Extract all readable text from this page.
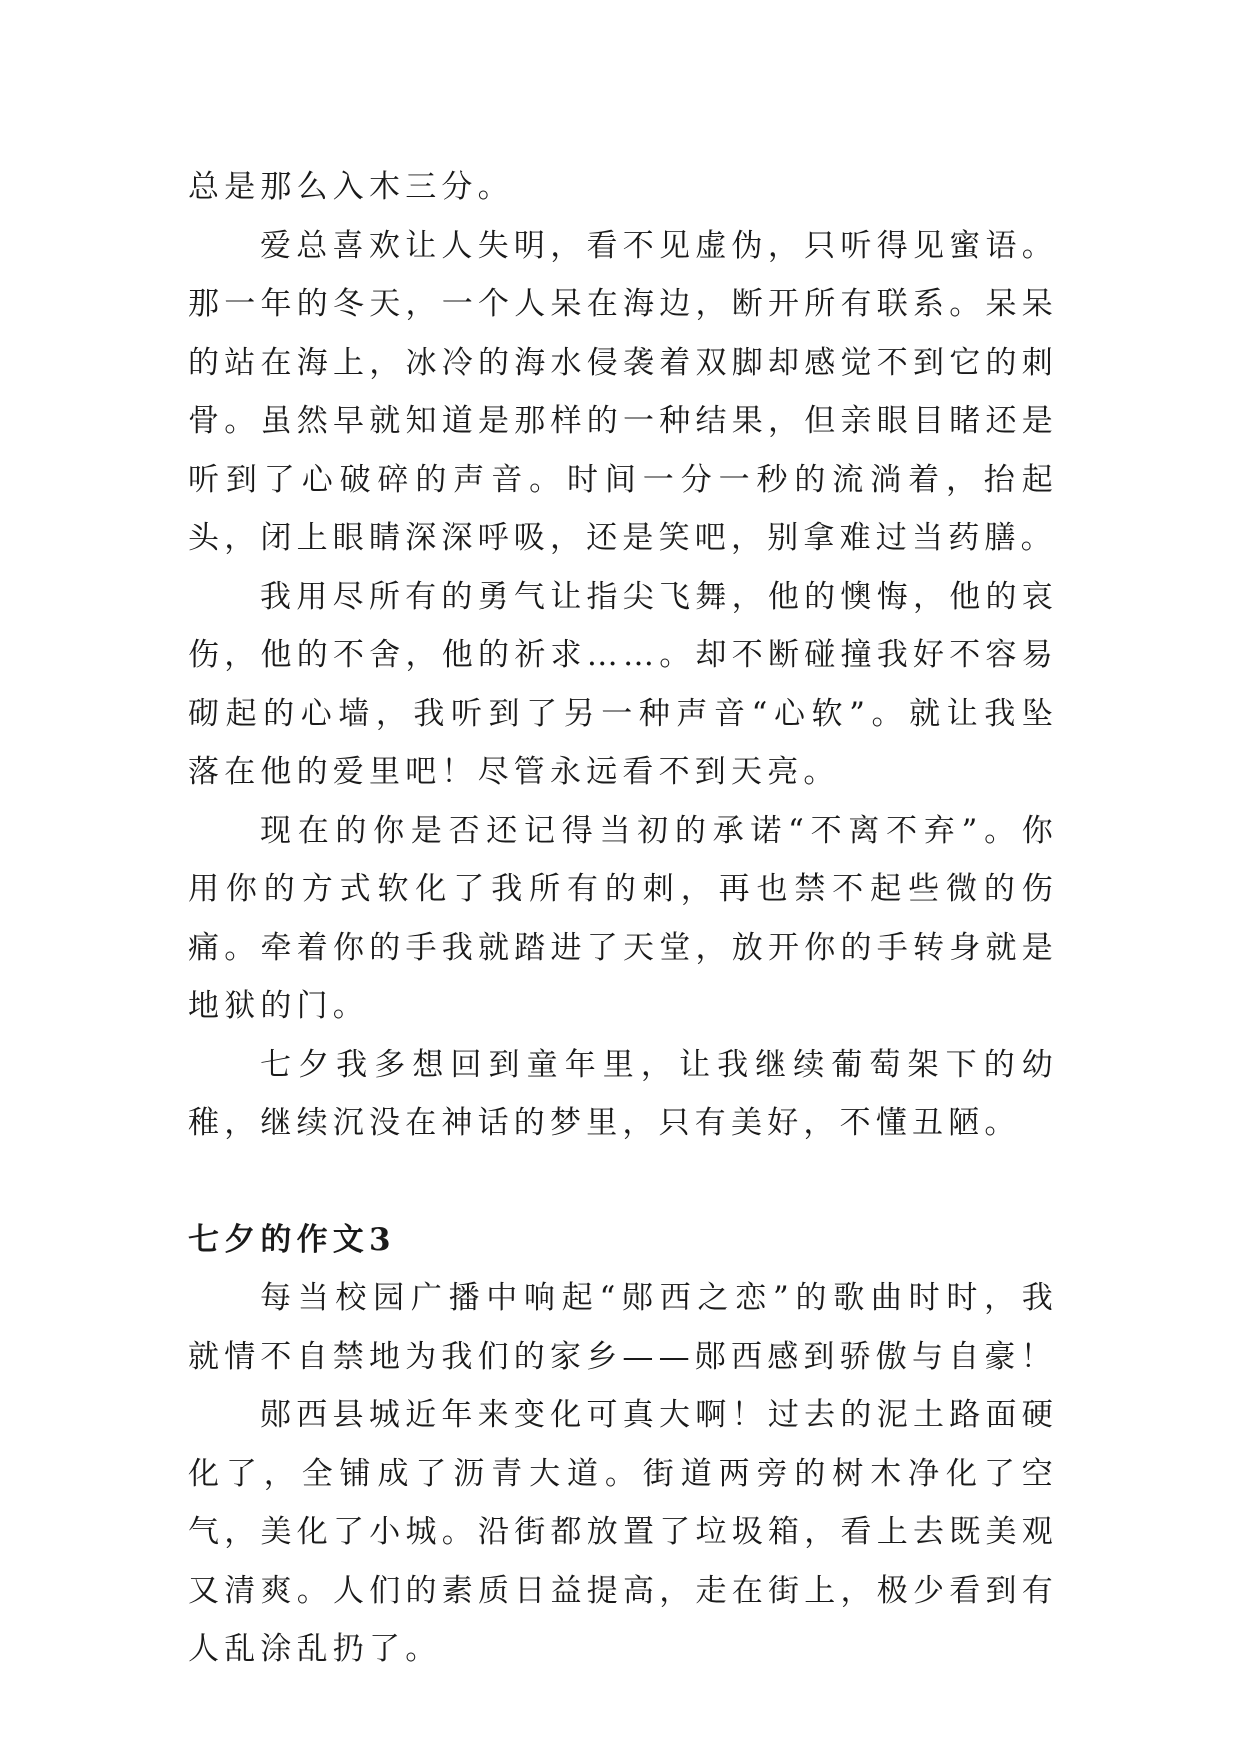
总是那么入木三分。

爱总喜欢让人失明，看不见虚伪，只听得见蜜语。那一年的冬天，一个人呆在海边，断开所有联系。呆呆的站在海上，冰冷的海水侵袭着双脚却感觉不到它的刺骨。虽然早就知道是那样的一种结果，但亲眼目睹还是听到了心破碎的声音。时间一分一秒的流淌着，抬起头，闭上眼睛深深呼吸，还是笑吧，别拿难过当药膳。

我用尽所有的勇气让指尖飞舞，他的懊悔，他的哀伤，他的不舍，他的祈求……。却不断碰撞我好不容易砌起的心墙，我听到了另一种声音“心软”。就让我坠落在他的爱里吧！尽管永远看不到天亮。

现在的你是否还记得当初的承诺“不离不弃”。你用你的方式软化了我所有的刺，再也禁不起些微的伤痛。牵着你的手我就踏进了天堂，放开你的手转身就是地狱的门。

七夕我多想回到童年里，让我继续葡萄架下的幼稚，继续沉没在神话的梦里，只有美好，不懂丑陋。

七夕的作文3

每当校园广播中响起“郧西之恋”的歌曲时时，我就情不自禁地为我们的家乡——郧西感到骄傲与自豪！

郧西县城近年来变化可真大啊！过去的泥土路面硬化了，全铺成了沥青大道。街道两旁的树木净化了空气，美化了小城。沿街都放置了垃圾箱，看上去既美观又清爽。人们的素质日益提高，走在街上，极少看到有人乱涂乱扔了。
